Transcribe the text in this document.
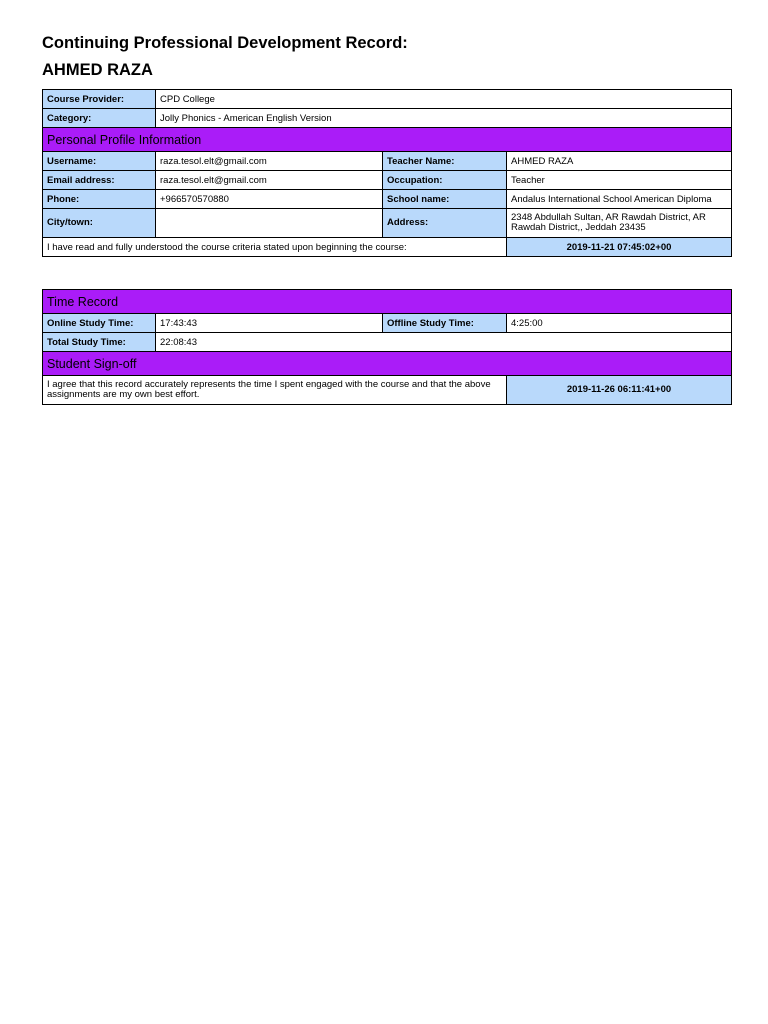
Continuing Professional Development Record:
AHMED RAZA
Course Provider:	CPD College		
Category:	Jolly Phonics - American English Version		
Personal Profile Information			
Username:	raza.tesol.elt@gmail.com	Teacher Name:	AHMED RAZA
Email address:	raza.tesol.elt@gmail.com	Occupation:	Teacher
Phone:	+966570570880	School name:	Andalus International School American Diploma
City/town:		Address:	2348 Abdullah Sultan, AR Rawdah District, AR Rawdah District,, Jeddah 23435
I have read and fully understood the course criteria stated upon beginning the course:			2019-11-21 07:45:02+00
Time Record			
Online Study Time:	17:43:43	Offline Study Time:	4:25:00
Total Study Time:	22:08:43		
Student Sign-off			
I agree that this record accurately represents the time I spent engaged with the course and that the above assignments are my own best effort.			2019-11-26 06:11:41+00
